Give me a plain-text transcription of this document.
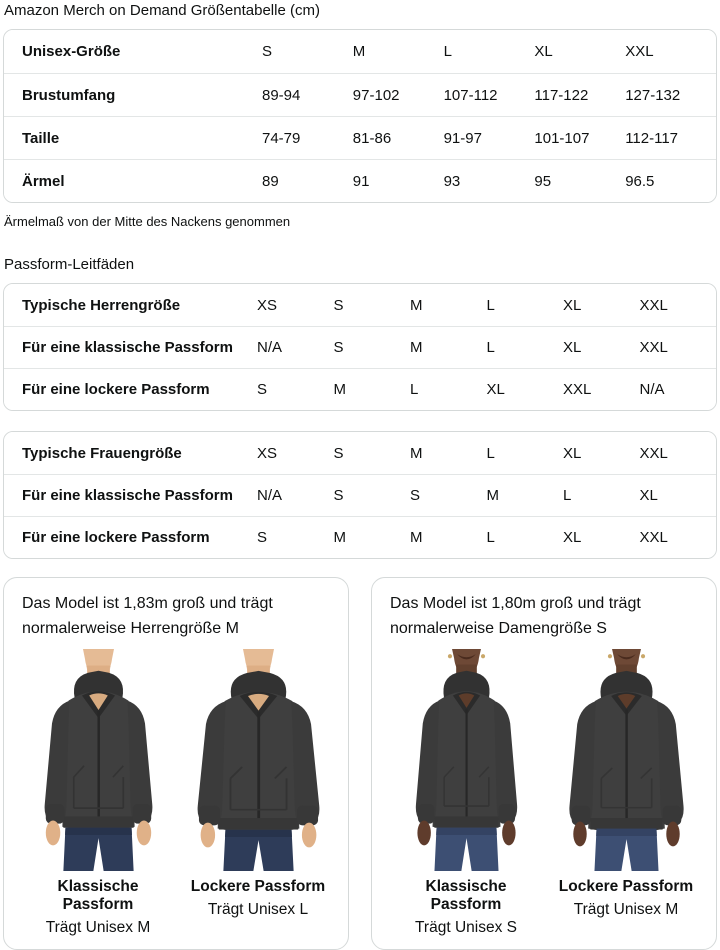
Amazon Merch on Demand Größentabelle (cm)
Unisex-Größe	S	M	L	XL	XXL
Brustumfang	89-94	97-102	107-112	117-122	127-132
Taille	74-79	81-86	91-97	101-107	112-117
Ärmel	89	91	93	95	96.5

Ärmelmaß von der Mitte des Nackens genommen

Passform-Leitfäden
Typische Herrengröße	XS	S	M	L	XL	XXL
Für eine klassische Passform	N/A	S	M	L	XL	XXL
Für eine lockere Passform	S	M	L	XL	XXL	N/A
Typische Frauengröße	XS	S	M	L	XL	XXL
Für eine klassische Passform	N/A	S	S	M	L	XL
Für eine lockere Passform	S	M	M	L	XL	XXL

Das Model ist 1,83m groß und trägt normalerweise Herrengröße M

Klassische Passform
Trägt Unisex M
Lockere Passform
Trägt Unisex L

Das Model ist 1,80m groß und trägt normalerweise Damengröße S

Klassische Passform
Trägt Unisex S
Lockere Passform
Trägt Unisex M
